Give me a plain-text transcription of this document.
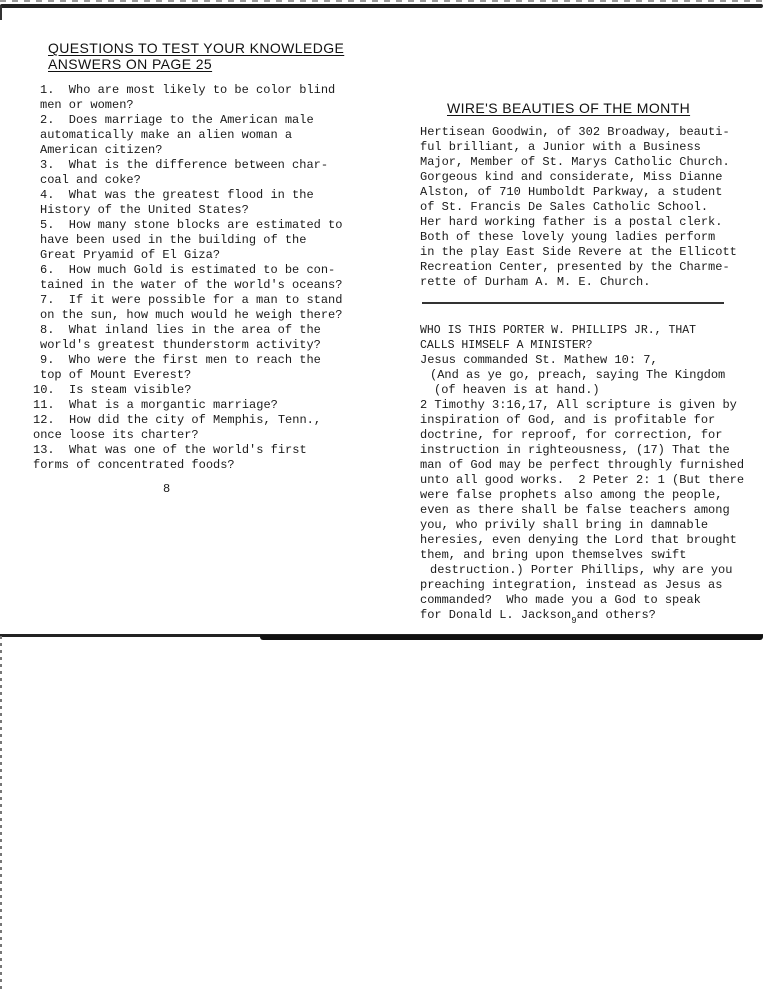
QUESTIONS TO TEST YOUR KNOWLEDGE
ANSWERS ON PAGE 25
1.  Who are most likely to be color blind
men or women?
2.  Does marriage to the American male
automatically make an alien woman a
American citizen?
3.  What is the difference between char-
coal and coke?
4.  What was the greatest flood in the
History of the United States?
5.  How many stone blocks are estimated to
have been used in the building of the
Great Pryamid of El Giza?
6.  How much Gold is estimated to be con-
tained in the water of the world's oceans?
7.  If it were possible for a man to stand
on the sun, how much would he weigh there?
8.  What inland lies in the area of the
world's greatest thunderstorm activity?
9.  Who were the first men to reach the
top of Mount Everest?
10.  Is steam visible?
11.  What is a morgantic marriage?
12.  How did the city of Memphis, Tenn.,
once loose its charter?
13.  What was one of the world's first
forms of concentrated foods?
8
WIRE'S BEAUTIES OF THE MONTH
Hertisean Goodwin, of 302 Broadway, beauti-
ful brilliant, a Junior with a Business
Major, Member of St. Marys Catholic Church.
Gorgeous kind and considerate, Miss Dianne
Alston, of 710 Humboldt Parkway, a student
of St. Francis De Sales Catholic School.
Her hard working father is a postal clerk.
Both of these lovely young ladies perform
in the play East Side Revere at the Ellicott
Recreation Center, presented by the Charme-
rette of Durham A. M. E. Church.
WHO IS THIS PORTER W. PHILLIPS JR., THAT
CALLS HIMSELF A MINISTER?
Jesus commanded St. Mathew 10: 7,
(And as ye go, preach, saying The Kingdom
(of heaven is at hand.)
2 Timothy 3:16,17, All scripture is given by
inspiration of God, and is profitable for
doctrine, for reproof, for correction, for
instruction in righteousness, (17) That the
man of God may be perfect throughly furnished
unto all good works.  2 Peter 2: 1 (But there
were false prophets also among the people,
even as there shall be false teachers among
you, who privily shall bring in damnable
heresies, even denying the Lord that brought
them, and bring upon themselves swift
destruction.) Porter Phillips, why are you
preaching integration, instead as Jesus as
commanded?  Who made you a God to speak
for Donald L. Jackson$_9$and others?
